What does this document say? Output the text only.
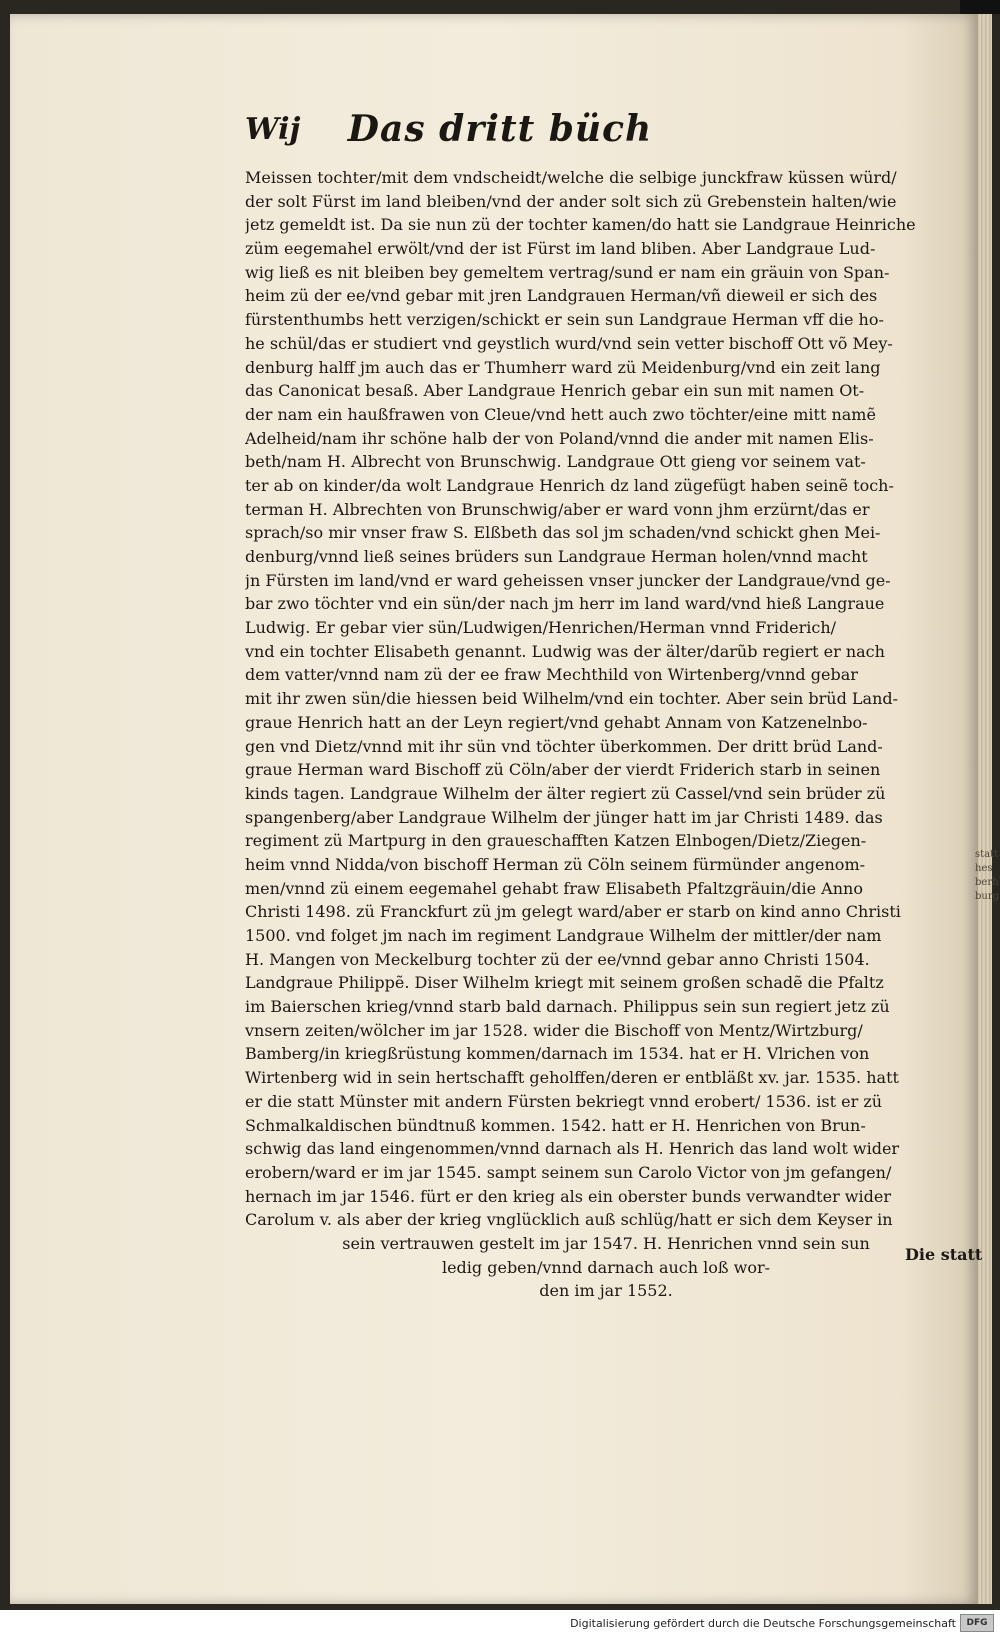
Wij	Das dritt büch
Meissen tochter/mit dem vndscheidt/welche die selbige junckfraw küssen würd/
der solt Fürst im land bleiben/vnd der ander solt sich zü Grebenstein halten/wie
jetz gemeldt ist. Da sie nun zü der tochter kamen/do hatt sie Landgraue Heinriche
züm eegemahel erwölt/vnd der ist Fürst im land bliben. Aber Landgraue Lud-
wig ließ es nit bleiben bey gemeltem vertrag/sund er nam ein gräuin von Span-
heim zü der ee/vnd gebar mit jren Landgrauen Herman/vñ dieweil er sich des
fürstenthumbs hett verzigen/schickt er sein sun Landgraue Herman vff die ho-
he schül/das er studiert vnd geystlich wurd/vnd sein vetter bischoff Ott võ Mey-
denburg halff jm auch das er Thumherr ward zü Meidenburg/vnd ein zeit lang
das Canonicat besaß. Aber Landgraue Henrich gebar ein sun mit namen Ot-
der nam ein haußfrawen von Cleue/vnd hett auch zwo töchter/eine mitt namẽ
Adelheid/nam ihr schöne halb der von Poland/vnnd die ander mit namen Elis-
beth/nam H. Albrecht von Brunschwig. Landgraue Ott gieng vor seinem vat-
ter ab on kinder/da wolt Landgraue Henrich dz land zügefügt haben seinẽ toch-
terman H. Albrechten von Brunschwig/aber er ward vonn jhm erzürnt/das er
sprach/so mir vnser fraw S. Elßbeth das sol jm schaden/vnd schickt ghen Mei-
denburg/vnnd ließ seines brüders sun Landgraue Herman holen/vnnd macht
jn Fürsten im land/vnd er ward geheissen vnser juncker der Landgraue/vnd ge-
bar zwo töchter vnd ein sün/der nach jm herr im land ward/vnd hieß Langraue
Ludwig. Er gebar vier sün/Ludwigen/Henrichen/Herman vnnd Friderich/
vnd ein tochter Elisabeth genannt. Ludwig was der älter/darũb regiert er nach
dem vatter/vnnd nam zü der ee fraw Mechthild von Wirtenberg/vnnd gebar
mit ihr zwen sün/die hiessen beid Wilhelm/vnd ein tochter. Aber sein brüd Land-
graue Henrich hatt an der Leyn regiert/vnd gehabt Annam von Katzenelnbo-
gen vnd Dietz/vnnd mit ihr sün vnd töchter überkommen. Der dritt brüd Land-
graue Herman ward Bischoff zü Cöln/aber der vierdt Friderich starb in seinen
kinds tagen. Landgraue Wilhelm der älter regiert zü Cassel/vnd sein brüder zü
spangenberg/aber Landgraue Wilhelm der jünger hatt im jar Christi 1489. das
regiment zü Martpurg in den graueschafften Katzen Elnbogen/Dietz/Ziegen-
heim vnnd Nidda/von bischoff Herman zü Cöln seinem fürmünder angenom-
men/vnnd zü einem eegemahel gehabt fraw Elisabeth Pfaltzgräuin/die Anno
Christi 1498. zü Franckfurt zü jm gelegt ward/aber er starb on kind anno Christi
1500. vnd folget jm nach im regiment Landgraue Wilhelm der mittler/der nam
H. Mangen von Meckelburg tochter zü der ee/vnnd gebar anno Christi 1504.
Landgraue Philippẽ. Diser Wilhelm kriegt mit seinem großen schadẽ die Pfaltz
im Baierschen krieg/vnnd starb bald darnach. Philippus sein sun regiert jetz zü
vnsern zeiten/wölcher im jar 1528. wider die Bischoff von Mentz/Wirtzburg/
Bamberg/in kriegßrüstung kommen/darnach im 1534. hat er H. Vlrichen von
Wirtenberg wid in sein hertschafft geholffen/deren er entbläßt xv. jar. 1535. hatt
er die statt Münster mit andern Fürsten bekriegt vnnd erobert/ 1536. ist er zü
Schmalkaldischen bündtnuß kommen. 1542. hatt er H. Henrichen von Brun-
schwig das land eingenommen/vnnd darnach als H. Henrich das land wolt wider
erobern/ward er im jar 1545. sampt seinem sun Carolo Victor von jm gefangen/
hernach im jar 1546. fürt er den krieg als ein oberster bunds verwandter wider
Carolum v. als aber der krieg vnglücklich auß schlüg/hatt er sich dem Keyser in
sein vertrauwen gestelt im jar 1547. H. Henrichen vnnd sein sun
ledig geben/vnnd darnach auch loß wor-
den im jar 1552.
Die statt
statt
hes
berh
burg
Digitalisierung gefördert durch die Deutsche Forschungsgemeinschaft	DFG
